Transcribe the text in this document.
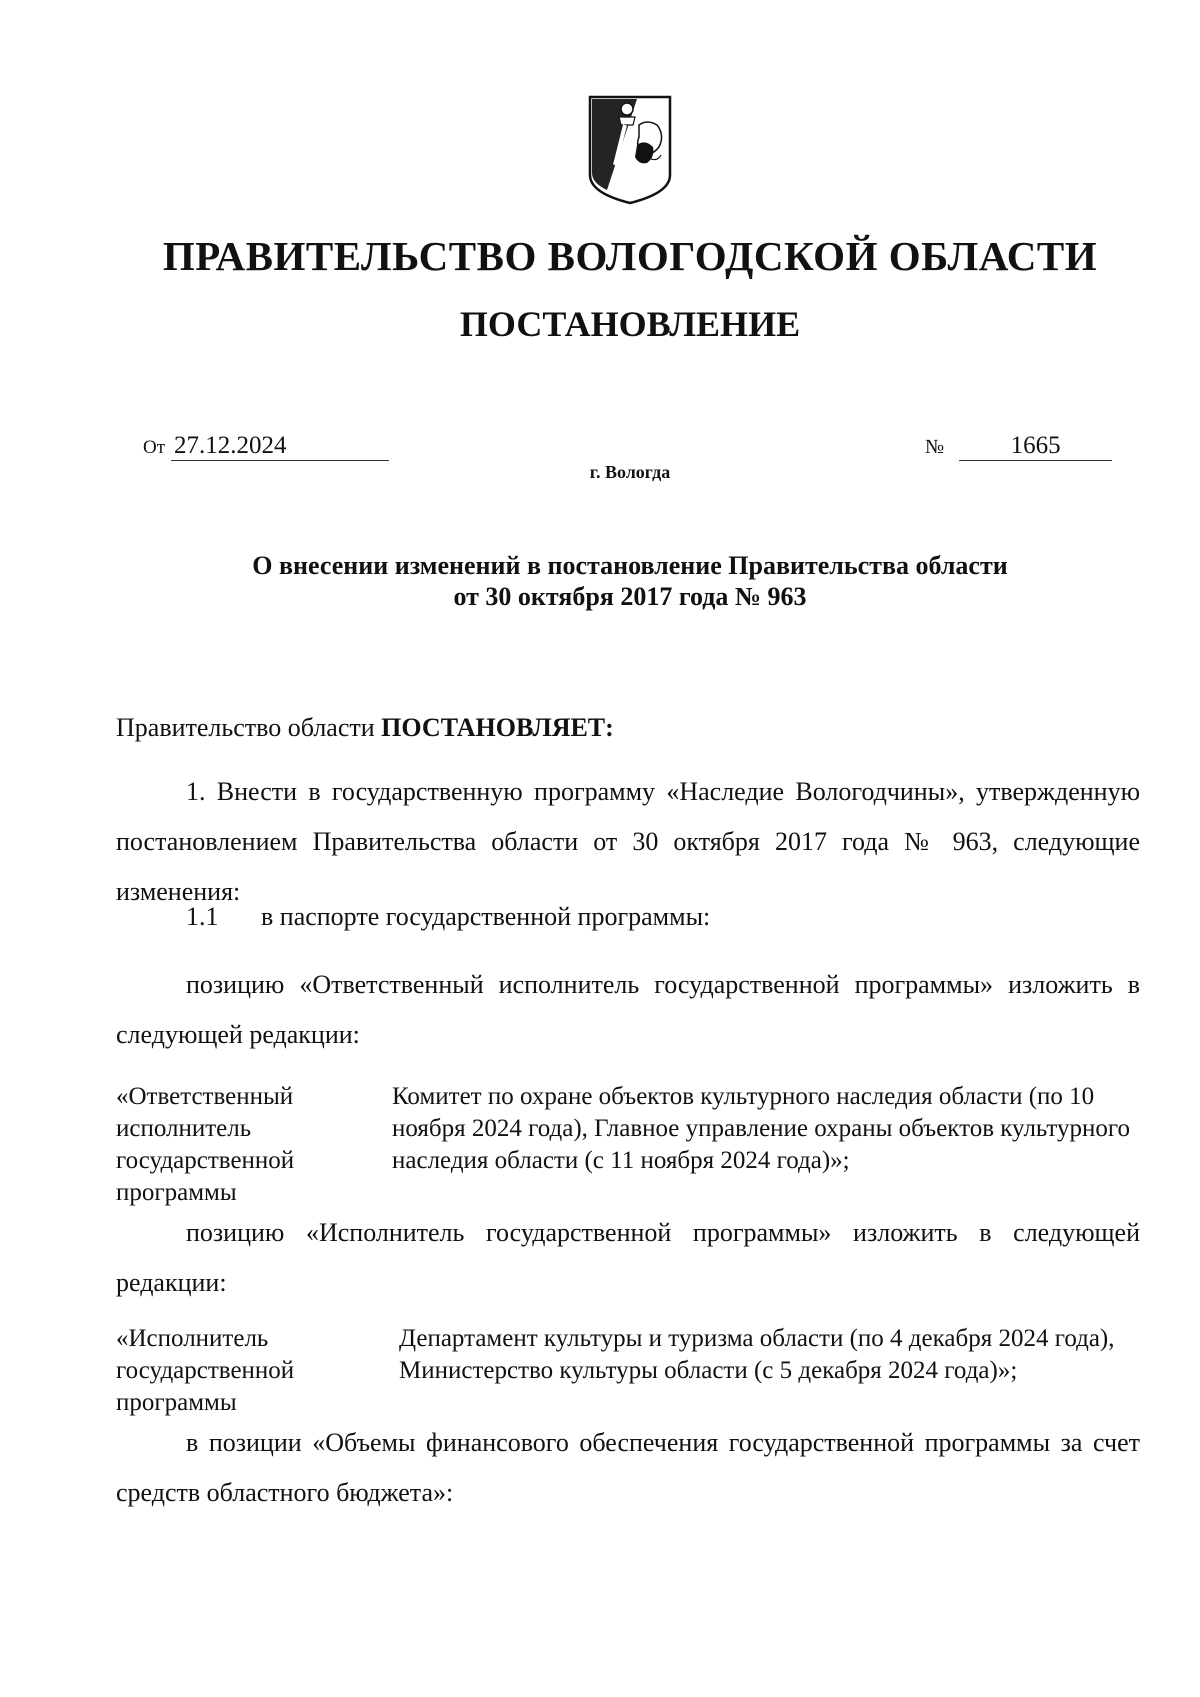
ПРАВИТЕЛЬСТВО ВОЛОГОДСКОЙ ОБЛАСТИ
ПОСТАНОВЛЕНИЕ
От 27.12.2024	№	1665
г. Вологда
О внесении изменений в постановление Правительства области
от 30 октября 2017 года № 963
Правительство области ПОСТАНОВЛЯЕТ:

1. Внести в государственную программу «Наследие Вологодчины», утвержденную постановлением Правительства области от 30 октября 2017 года № 963, следующие изменения:

1.1 в паспорте государственной программы:

позицию «Ответственный исполнитель государственной программы» изложить в следующей редакции:

«Ответственный исполнитель государственной программы
Комитет по охране объектов культурного наследия области (по 10 ноября 2024 года), Главное управление охраны объектов культурного наследия области (с 11 ноября 2024 года)»;

позицию «Исполнитель государственной программы» изложить в следующей редакции:

«Исполнитель государственной программы
Департамент культуры и туризма области (по 4 декабря 2024 года), Министерство культуры области (с 5 декабря 2024 года)»;

в позиции «Объемы финансового обеспечения государственной программы за счет средств областного бюджета»:
